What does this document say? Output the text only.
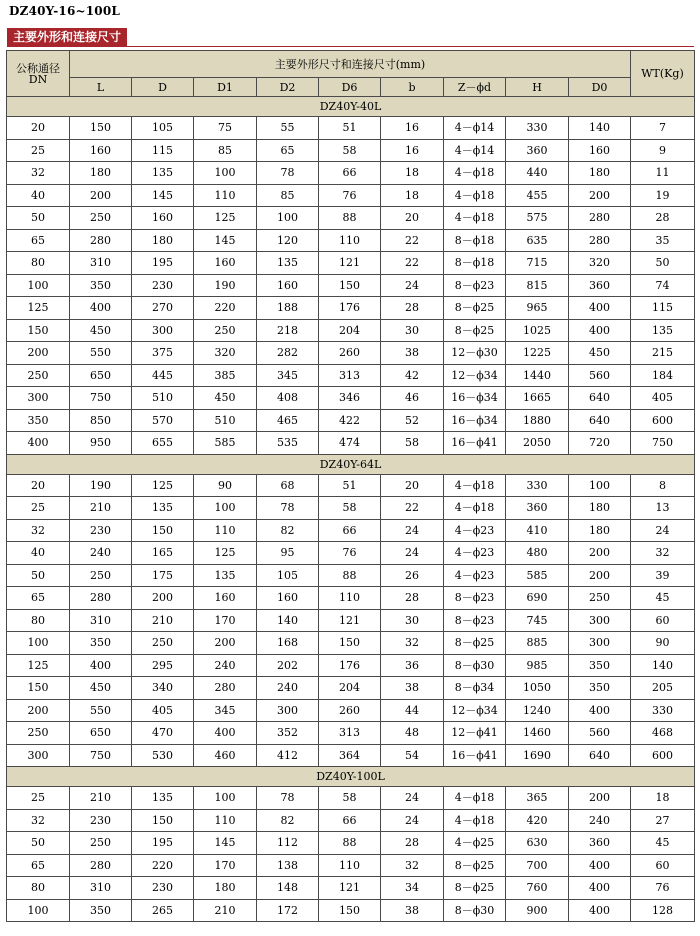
DZ40Y-16~100L
主要外形和连接尺寸
公称通径
DN	主要外形尺寸和连接尺寸(mm)									WT(Kg)
	L	D	D1	D2	D6	b	Z－ϕd	H	D0	
DZ40Y-40L										
20	150	105	75	55	51	16	4－ϕ14	330	140	7
25	160	115	85	65	58	16	4－ϕ14	360	160	9
32	180	135	100	78	66	18	4－ϕ18	440	180	11
40	200	145	110	85	76	18	4－ϕ18	455	200	19
50	250	160	125	100	88	20	4－ϕ18	575	280	28
65	280	180	145	120	110	22	8－ϕ18	635	280	35
80	310	195	160	135	121	22	8－ϕ18	715	320	50
100	350	230	190	160	150	24	8－ϕ23	815	360	74
125	400	270	220	188	176	28	8－ϕ25	965	400	115
150	450	300	250	218	204	30	8－ϕ25	1025	400	135
200	550	375	320	282	260	38	12－ϕ30	1225	450	215
250	650	445	385	345	313	42	12－ϕ34	1440	560	184
300	750	510	450	408	346	46	16－ϕ34	1665	640	405
350	850	570	510	465	422	52	16－ϕ34	1880	640	600
400	950	655	585	535	474	58	16－ϕ41	2050	720	750
DZ40Y-64L										
20	190	125	90	68	51	20	4－ϕ18	330	100	8
25	210	135	100	78	58	22	4－ϕ18	360	180	13
32	230	150	110	82	66	24	4－ϕ23	410	180	24
40	240	165	125	95	76	24	4－ϕ23	480	200	32
50	250	175	135	105	88	26	4－ϕ23	585	200	39
65	280	200	160	160	110	28	8－ϕ23	690	250	45
80	310	210	170	140	121	30	8－ϕ23	745	300	60
100	350	250	200	168	150	32	8－ϕ25	885	300	90
125	400	295	240	202	176	36	8－ϕ30	985	350	140
150	450	340	280	240	204	38	8－ϕ34	1050	350	205
200	550	405	345	300	260	44	12－ϕ34	1240	400	330
250	650	470	400	352	313	48	12－ϕ41	1460	560	468
300	750	530	460	412	364	54	16－ϕ41	1690	640	600
DZ40Y-100L										
25	210	135	100	78	58	24	4－ϕ18	365	200	18
32	230	150	110	82	66	24	4－ϕ18	420	240	27
50	250	195	145	112	88	28	4－ϕ25	630	360	45
65	280	220	170	138	110	32	8－ϕ25	700	400	60
80	310	230	180	148	121	34	8－ϕ25	760	400	76
100	350	265	210	172	150	38	8－ϕ30	900	400	128
